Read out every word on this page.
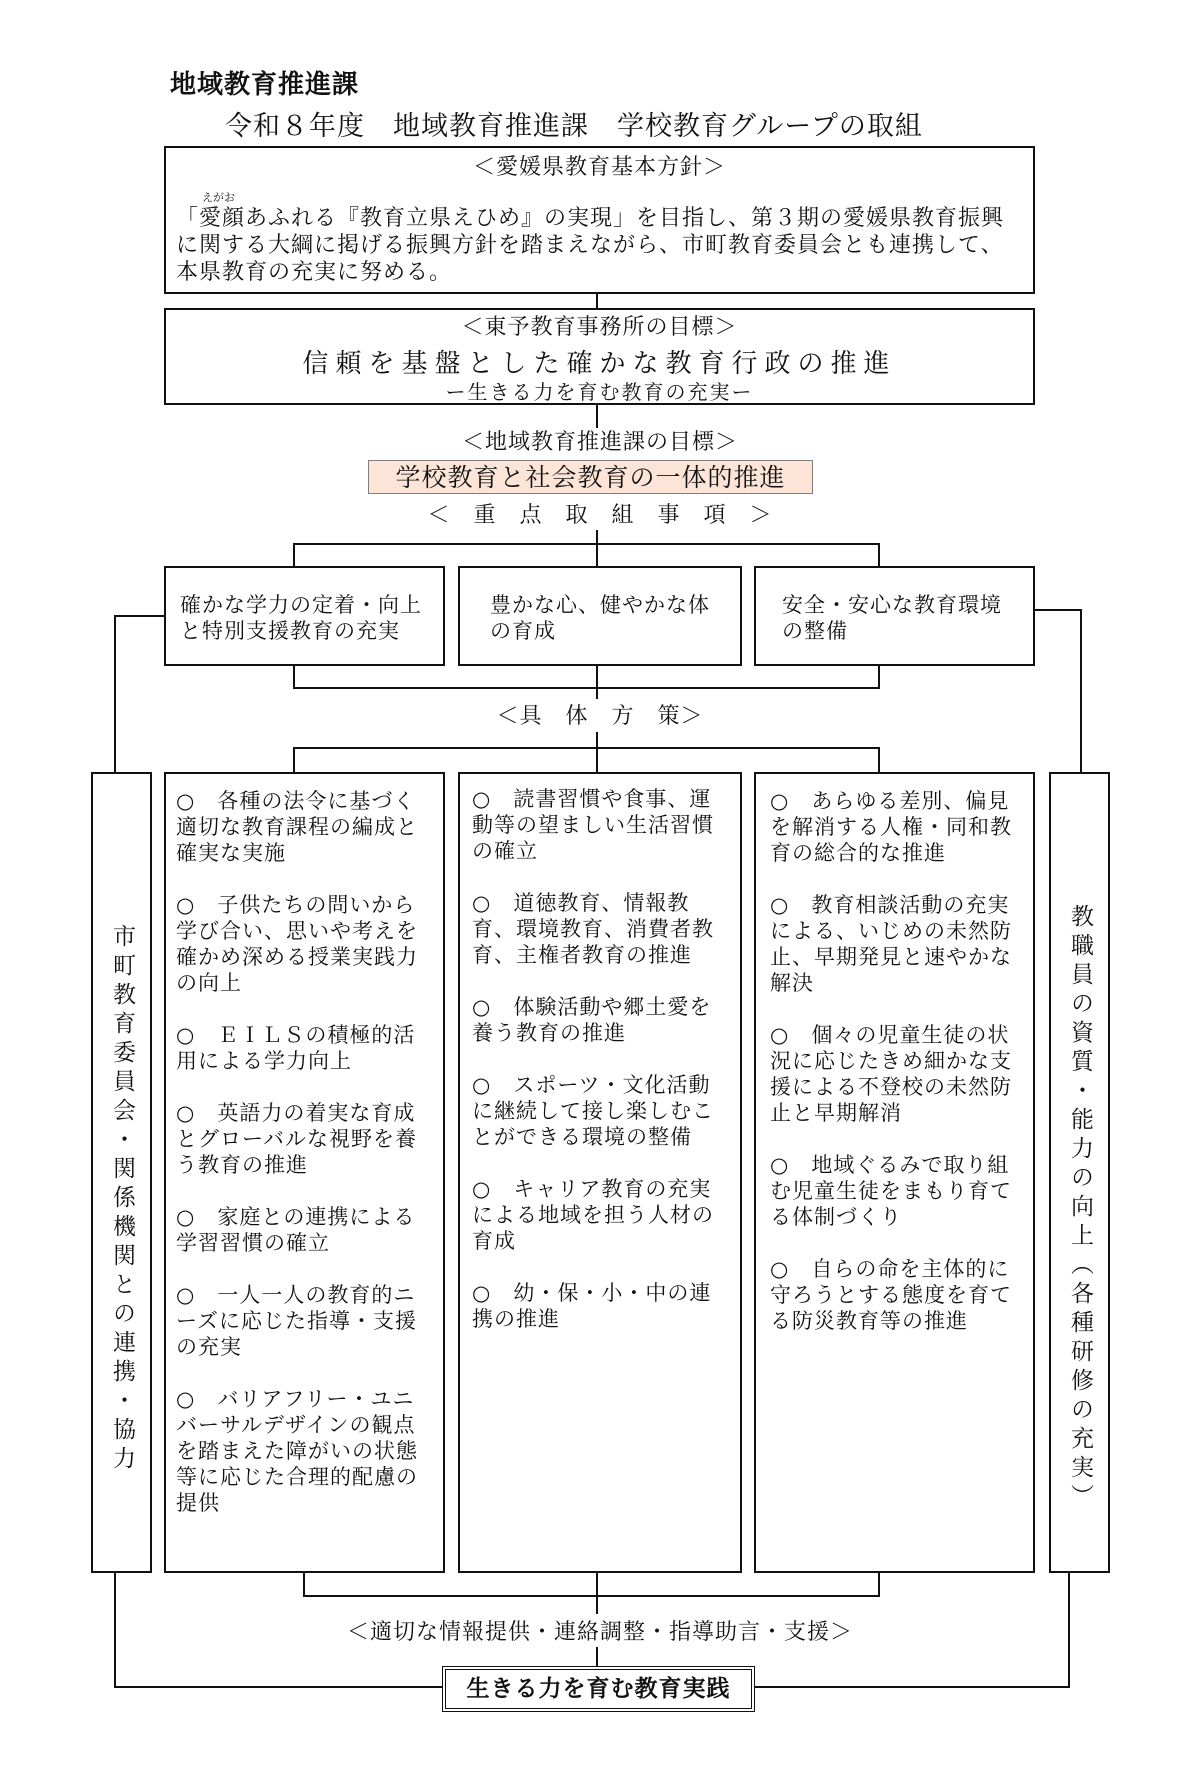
地域教育推進課
令和８年度　地域教育推進課　学校教育グループの取組
＜愛媛県教育基本方針＞
えがお
「愛顔あふれる『教育立県えひめ』の実現」を目指し、第３期の愛媛県教育振興に関する大綱に掲げる振興方針を踏まえながら、市町教育委員会とも連携して、本県教育の充実に努める。
＜東予教育事務所の目標＞
信頼を基盤とした確かな教育行政の推進
ー生きる力を育む教育の充実ー
＜地域教育推進課の目標＞
学校教育と社会教育の一体的推進
＜　重　点　取　組　事　項　＞
確かな学力の定着・向上と特別支援教育の充実
豊かな心、健やかな体の育成
安全・安心な教育環境の整備
＜具　体　方　策＞
○　各種の法令に基づく適切な教育課程の編成と確実な実施
○　子供たちの問いから学び合い、思いや考えを確かめ深める授業実践力の向上
○　ＥＩＬＳの積極的活用による学力向上
○　英語力の着実な育成とグローバルな視野を養う教育の推進
○　家庭との連携による学習習慣の確立
○　一人一人の教育的ニーズに応じた指導・支援の充実
○　バリアフリー・ユニバーサルデザインの観点を踏まえた障がいの状態等に応じた合理的配慮の提供
○　読書習慣や食事、運動等の望ましい生活習慣の確立
○　道徳教育、情報教育、環境教育、消費者教育、主権者教育の推進
○　体験活動や郷土愛を養う教育の推進
○　スポーツ・文化活動に継続して接し楽しむことができる環境の整備
○　キャリア教育の充実による地域を担う人材の育成
○　幼・保・小・中の連携の推進
○　あらゆる差別、偏見を解消する人権・同和教育の総合的な推進
○　教育相談活動の充実による、いじめの未然防止、早期発見と速やかな解決
○　個々の児童生徒の状況に応じたきめ細かな支援による不登校の未然防止と早期解消
○　地域ぐるみで取り組む児童生徒をまもり育てる体制づくり
○　自らの命を主体的に守ろうとする態度を育てる防災教育等の推進
市町教育委員会・関係機関との連携・協力	教職員の資質・能力の向上（各種研修の充実）
＜適切な情報提供・連絡調整・指導助言・支援＞
生きる力を育む教育実践
